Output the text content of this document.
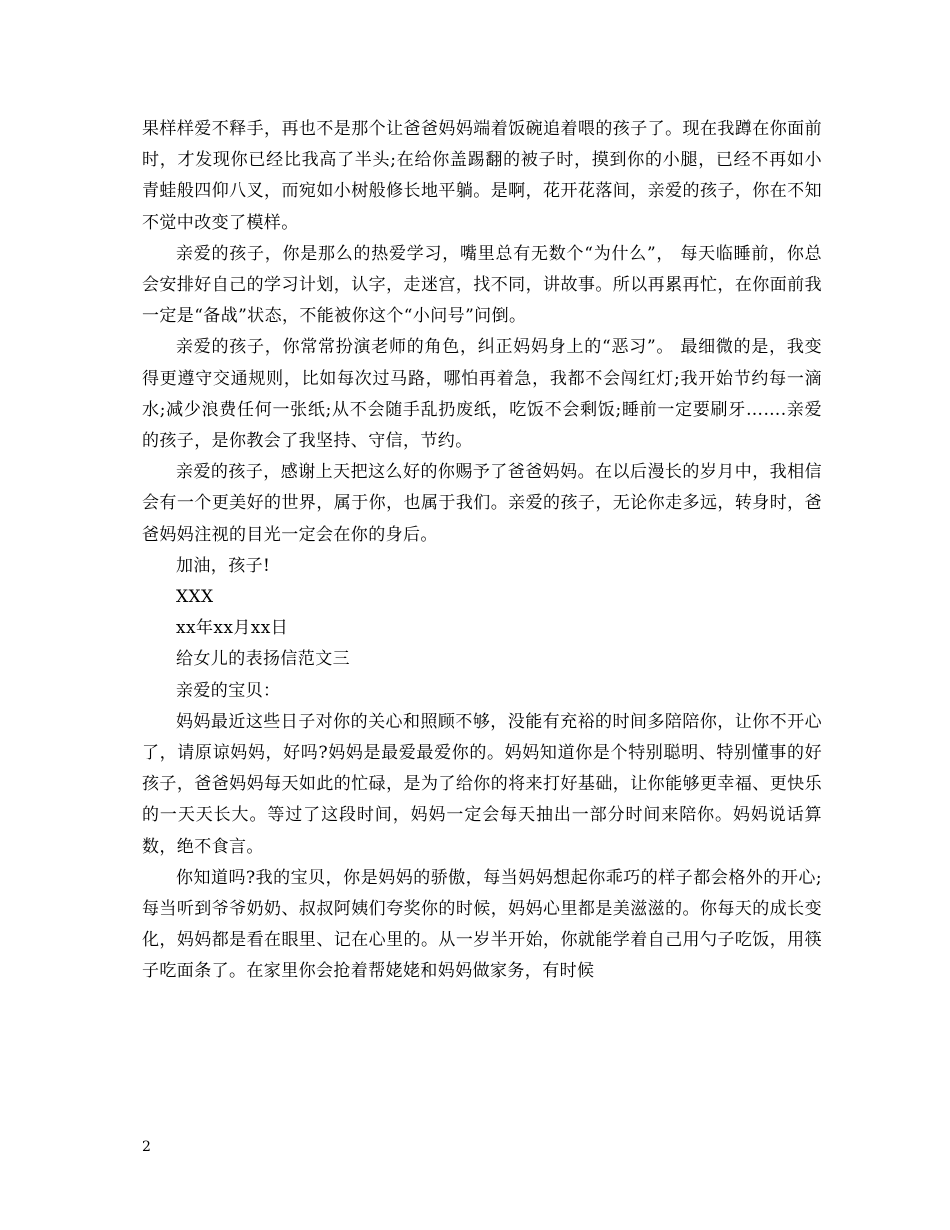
果样样爱不释手，再也不是那个让爸爸妈妈端着饭碗追着喂的孩子了。现在我蹲在你面前时，才发现你已经比我高了半头;在给你盖踢翻的被子时，摸到你的小腿，已经不再如小青蛙般四仰八叉，而宛如小树般修长地平躺。是啊，花开花落间，亲爱的孩子，你在不知不觉中改变了模样。

亲爱的孩子，你是那么的热爱学习，嘴里总有无数个“为什么”， 每天临睡前，你总会安排好自己的学习计划，认字，走迷宫，找不同，讲故事。所以再累再忙，在你面前我一定是“备战”状态，不能被你这个“小问号”问倒。

亲爱的孩子，你常常扮演老师的角色，纠正妈妈身上的“恶习”。 最细微的是，我变得更遵守交通规则，比如每次过马路，哪怕再着急，我都不会闯红灯;我开始节约每一滴水;减少浪费任何一张纸;从不会随手乱扔废纸，吃饭不会剩饭;睡前一定要刷牙…….亲爱的孩子，是你教会了我坚持、守信，节约。

亲爱的孩子，感谢上天把这么好的你赐予了爸爸妈妈。在以后漫长的岁月中，我相信会有一个更美好的世界，属于你，也属于我们。亲爱的孩子，无论你走多远，转身时，爸爸妈妈注视的目光一定会在你的身后。

加油，孩子!

XXX

xx年xx月xx日

给女儿的表扬信范文三

亲爱的宝贝：

妈妈最近这些日子对你的关心和照顾不够，没能有充裕的时间多陪陪你，让你不开心了，请原谅妈妈，好吗?妈妈是最爱最爱你的。妈妈知道你是个特别聪明、特别懂事的好孩子，爸爸妈妈每天如此的忙碌，是为了给你的将来打好基础，让你能够更幸福、更快乐的一天天长大。等过了这段时间，妈妈一定会每天抽出一部分时间来陪你。妈妈说话算数，绝不食言。

你知道吗?我的宝贝，你是妈妈的骄傲，每当妈妈想起你乖巧的样子都会格外的开心;每当听到爷爷奶奶、叔叔阿姨们夸奖你的时候，妈妈心里都是美滋滋的。你每天的成长变化，妈妈都是看在眼里、记在心里的。从一岁半开始，你就能学着自己用勺子吃饭，用筷子吃面条了。在家里你会抢着帮姥姥和妈妈做家务，有时候

2
